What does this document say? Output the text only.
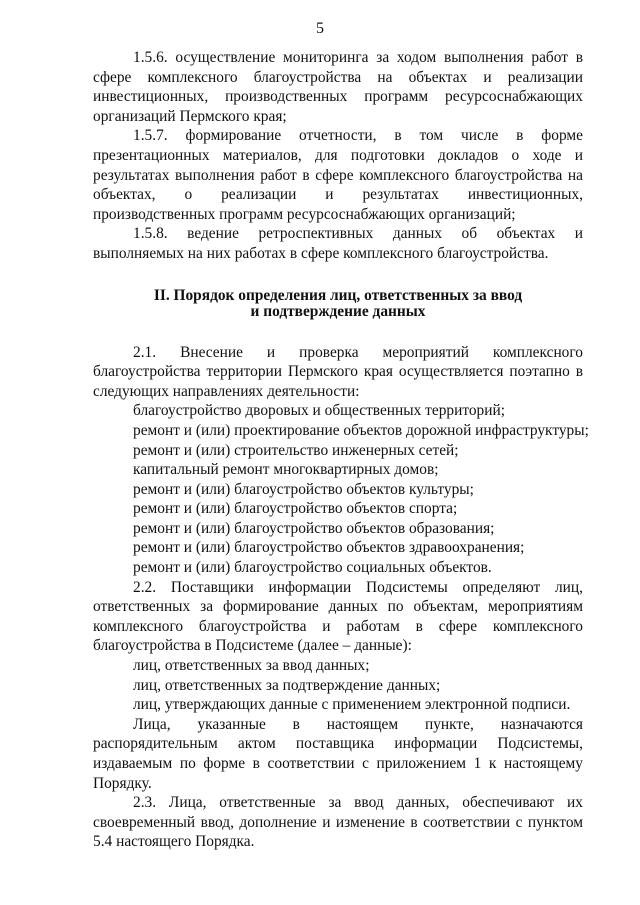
5

1.5.6. осуществление мониторинга за ходом выполнения работ в сфере комплексного благоустройства на объектах и реализации инвестиционных, производственных программ ресурсоснабжающих организаций Пермского края;

1.5.7. формирование отчетности, в том числе в форме презентационных материалов, для подготовки докладов о ходе и результатах выполнения работ в сфере комплексного благоустройства на объектах, о реализации и результатах инвестиционных, производственных программ ресурсоснабжающих организаций;

1.5.8. ведение ретроспективных данных об объектах и выполняемых на них работах в сфере комплексного благоустройства.

II. Порядок определения лиц, ответственных за ввод
и подтверждение данных

2.1. Внесение и проверка мероприятий комплексного благоустройства территории Пермского края осуществляется поэтапно в следующих направлениях деятельности:

благоустройство дворовых и общественных территорий;

ремонт и (или) проектирование объектов дорожной инфраструктуры;

ремонт и (или) строительство инженерных сетей;

капитальный ремонт многоквартирных домов;

ремонт и (или) благоустройство объектов культуры;

ремонт и (или) благоустройство объектов спорта;

ремонт и (или) благоустройство объектов образования;

ремонт и (или) благоустройство объектов здравоохранения;

ремонт и (или) благоустройство социальных объектов.

2.2. Поставщики информации Подсистемы определяют лиц, ответственных за формирование данных по объектам, мероприятиям комплексного благоустройства и работам в сфере комплексного благоустройства в Подсистеме (далее – данные):

лиц, ответственных за ввод данных;

лиц, ответственных за подтверждение данных;

лиц, утверждающих данные с применением электронной подписи.

Лица, указанные в настоящем пункте, назначаются распорядительным актом поставщика информации Подсистемы, издаваемым по форме в соответствии с приложением 1 к настоящему Порядку.

2.3. Лица, ответственные за ввод данных, обеспечивают их своевременный ввод, дополнение и изменение в соответствии с пунктом 5.4 настоящего Порядка.
